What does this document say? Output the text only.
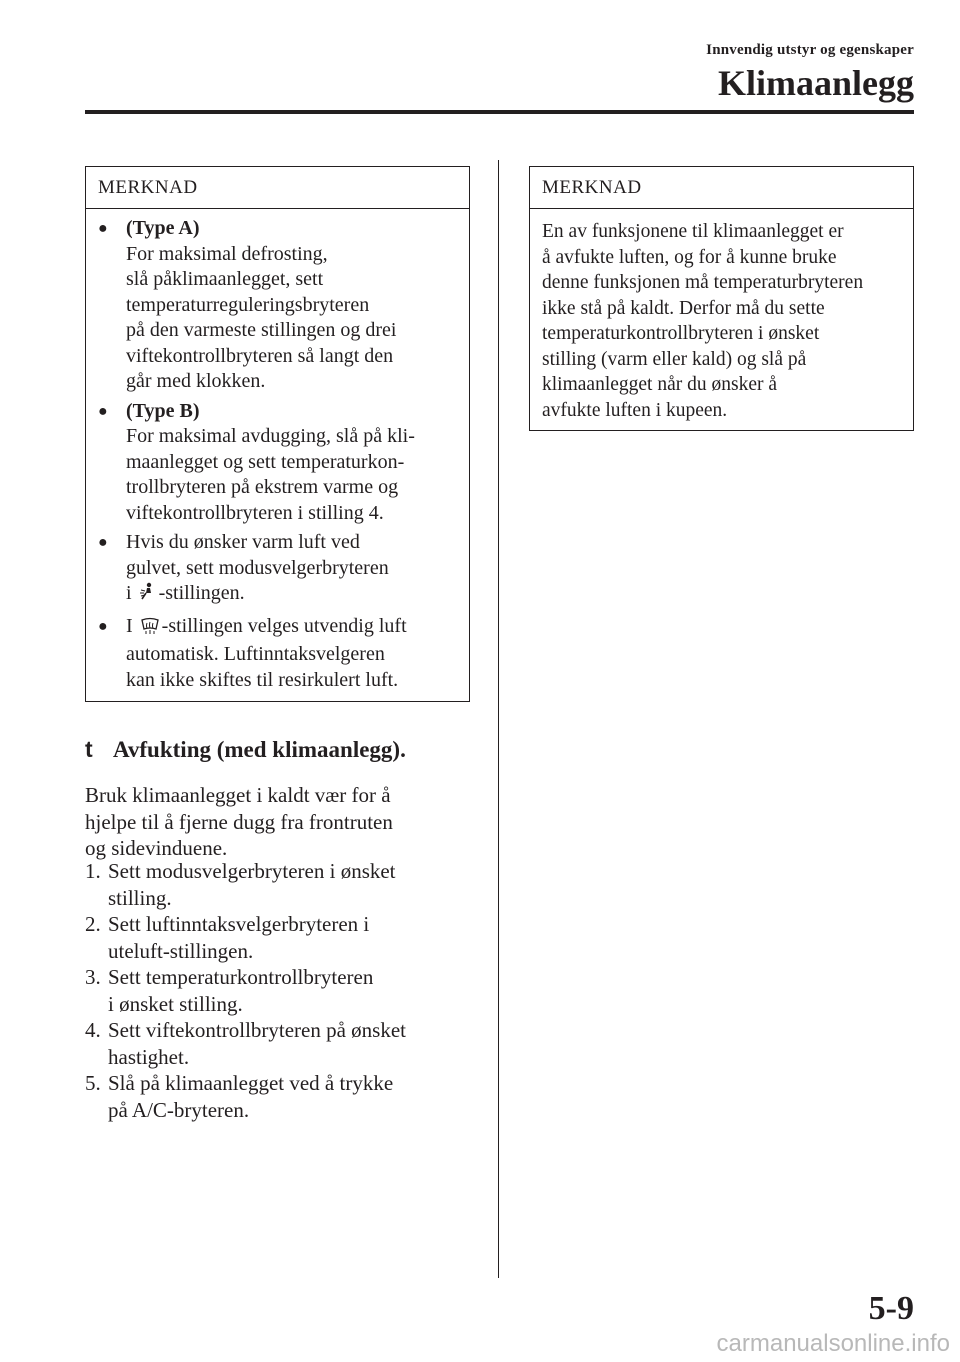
Innvendig utstyr og egenskaper
Klimaanlegg
MERKNAD
● (Type A)
For maksimal defrosting,
slå påklimaanlegget, sett
temperaturreguleringsbryteren
på den varmeste stillingen og drei
viftekontrollbryteren så langt den
går med klokken.
● (Type B)
For maksimal avdugging, slå på kli-
maanlegget og sett temperaturkon-
trollbryteren på ekstrem varme og
viftekontrollbryteren i stilling 4.
● Hvis du ønsker varm luft ved
gulvet, sett modusvelgerbryteren
i -stillingen.
● I -stillingen velges utvendig luft
automatisk. Luftinntaksvelgeren
kan ikke skiftes til resirkulert luft.
MERKNAD
En av funksjonene til klimaanlegget er
å avfukte luften, og for å kunne bruke
denne funksjonen må temperaturbryteren
ikke stå på kaldt. Derfor må du sette
temperaturkontrollbryteren i ønsket
stilling (varm eller kald) og slå på
klimaanlegget når du ønsker å
avfukte luften i kupeen.
t Avfukting (med klimaanlegg).
Bruk klimaanlegget i kaldt vær for å
hjelpe til å fjerne dugg fra frontruten
og sidevinduene.
1. Sett modusvelgerbryteren i ønsket
stilling.
2. Sett luftinntaksvelgerbryteren i
uteluft-stillingen.
3. Sett temperaturkontrollbryteren
i ønsket stilling.
4. Sett viftekontrollbryteren på ønsket
hastighet.
5. Slå på klimaanlegget ved å trykke
på A/C-bryteren.
5-9
carmanualsonline.info
